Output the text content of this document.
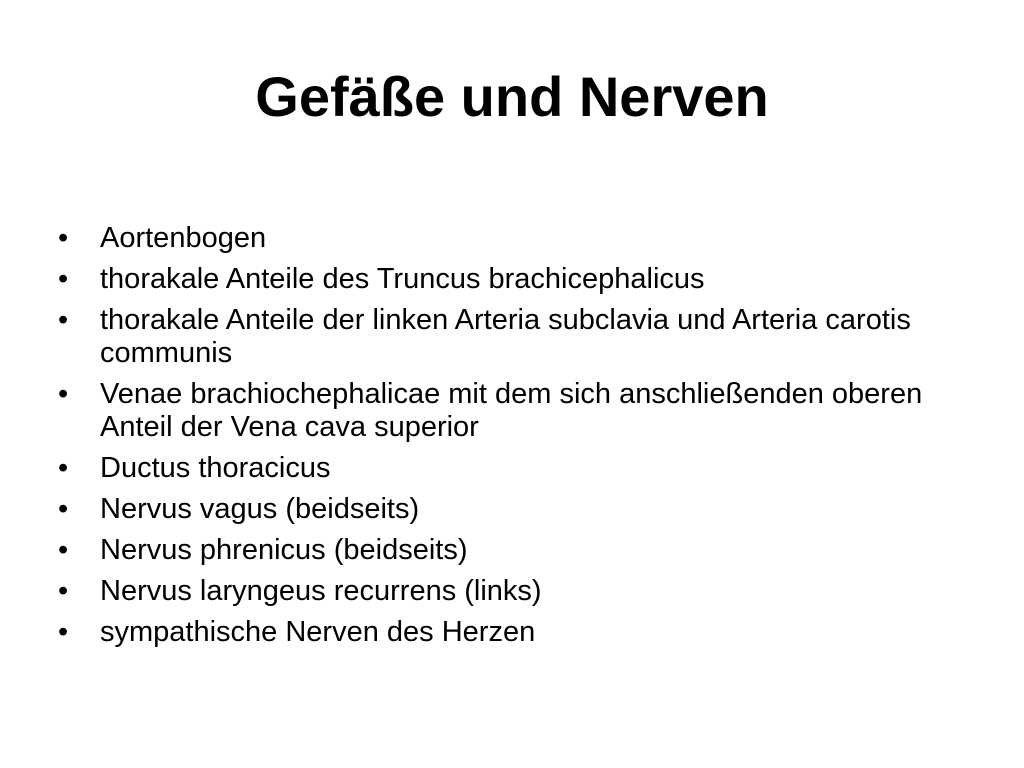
Gefäße und Nerven
• Aortenbogen
• thorakale Anteile des Truncus brachicephalicus
• thorakale Anteile der linken Arteria subclavia und Arteria carotis communis
• Venae brachiochephalicae mit dem sich anschließenden oberen Anteil der Vena cava superior
• Ductus thoracicus
• Nervus vagus (beidseits)
• Nervus phrenicus (beidseits)
• Nervus laryngeus recurrens (links)
• sympathische Nerven des Herzen
